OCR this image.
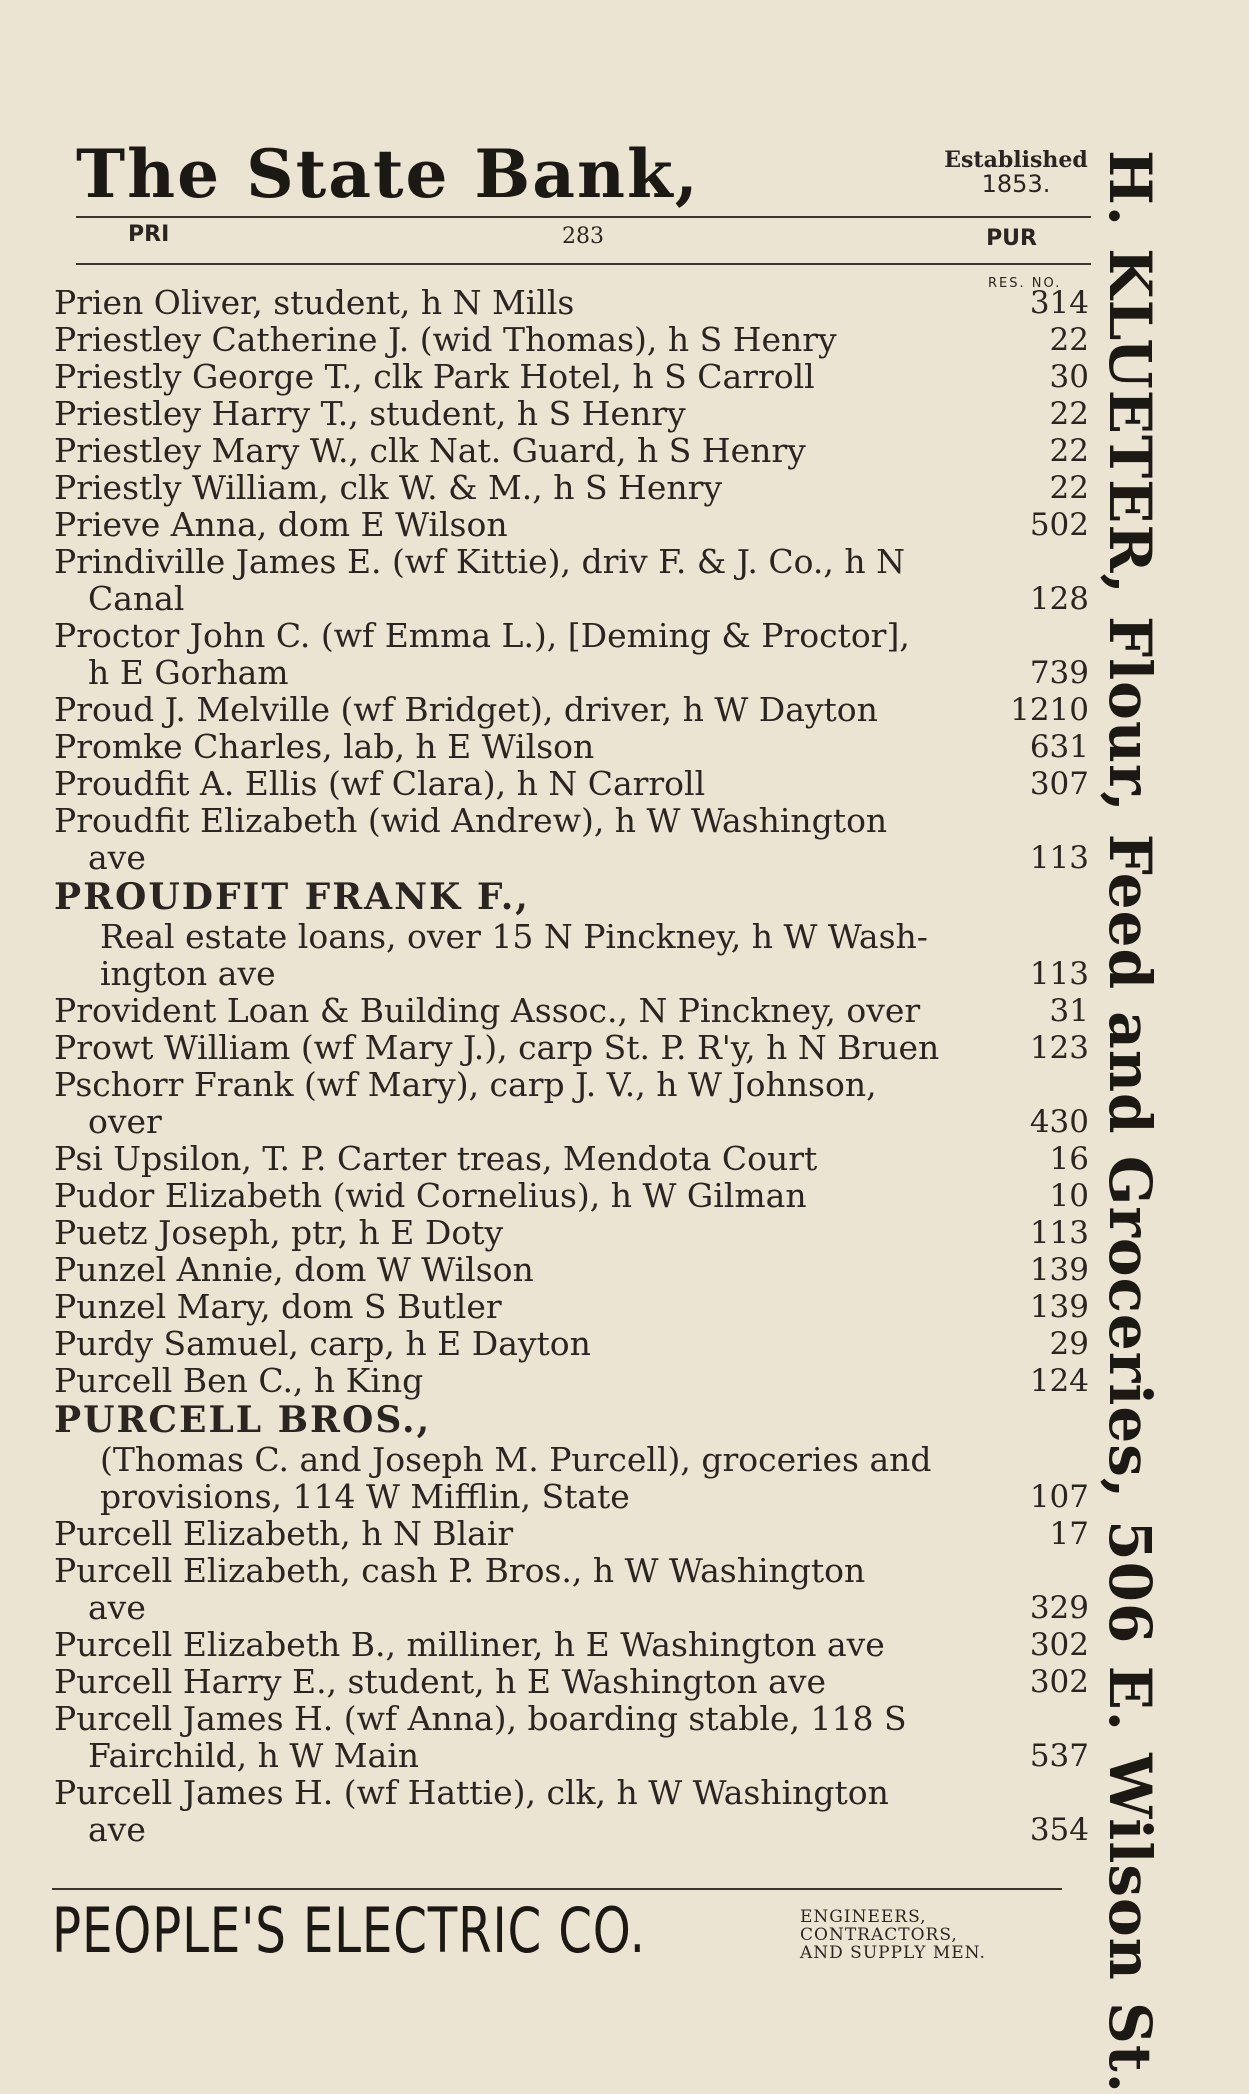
The State Bank,	Established
1853.
PRI	283	PUR
RES. NO.
Prien Oliver, student, h N Mills	314
Priestley Catherine J. (wid Thomas), h S Henry	22
Priestly George T., clk Park Hotel, h S Carroll	30
Priestley Harry T., student, h S Henry	22
Priestley Mary W., clk Nat. Guard, h S Henry	22
Priestly William, clk W. & M., h S Henry	22
Prieve Anna, dom E Wilson	502
Prindiville James E. (wf Kittie), driv F. & J. Co., h N
Canal	128
Proctor John C. (wf Emma L.), [Deming & Proctor],
h E Gorham	739
Proud J. Melville (wf Bridget), driver, h W Dayton	1210
Promke Charles, lab, h E Wilson	631
Proudfit A. Ellis (wf Clara), h N Carroll	307
Proudfit Elizabeth (wid Andrew), h W Washington
ave	113
PROUDFIT FRANK F.,
Real estate loans, over 15 N Pinckney, h W Wash-
ington ave	113
Provident Loan & Building Assoc., N Pinckney, over	31
Prowt William (wf Mary J.), carp St. P. R'y, h N Bruen	123
Pschorr Frank (wf Mary), carp J. V., h W Johnson,
over	430
Psi Upsilon, T. P. Carter treas, Mendota Court	16
Pudor Elizabeth (wid Cornelius), h W Gilman	10
Puetz Joseph, ptr, h E Doty	113
Punzel Annie, dom W Wilson	139
Punzel Mary, dom S Butler	139
Purdy Samuel, carp, h E Dayton	29
Purcell Ben C., h King	124
PURCELL BROS.,
(Thomas C. and Joseph M. Purcell), groceries and
provisions, 114 W Mifflin, State	107
Purcell Elizabeth, h N Blair	17
Purcell Elizabeth, cash P. Bros., h W Washington
ave	329
Purcell Elizabeth B., milliner, h E Washington ave	302
Purcell Harry E., student, h E Washington ave	302
Purcell James H. (wf Anna), boarding stable, 118 S
Fairchild, h W Main	537
Purcell James H. (wf Hattie), clk, h W Washington
ave	354
PEOPLE'S ELECTRIC CO.	ENGINEERS,
CONTRACTORS,
AND SUPPLY MEN. H. KLUETER, Flour, Feed and Groceries, 506 E. Wilson St.
